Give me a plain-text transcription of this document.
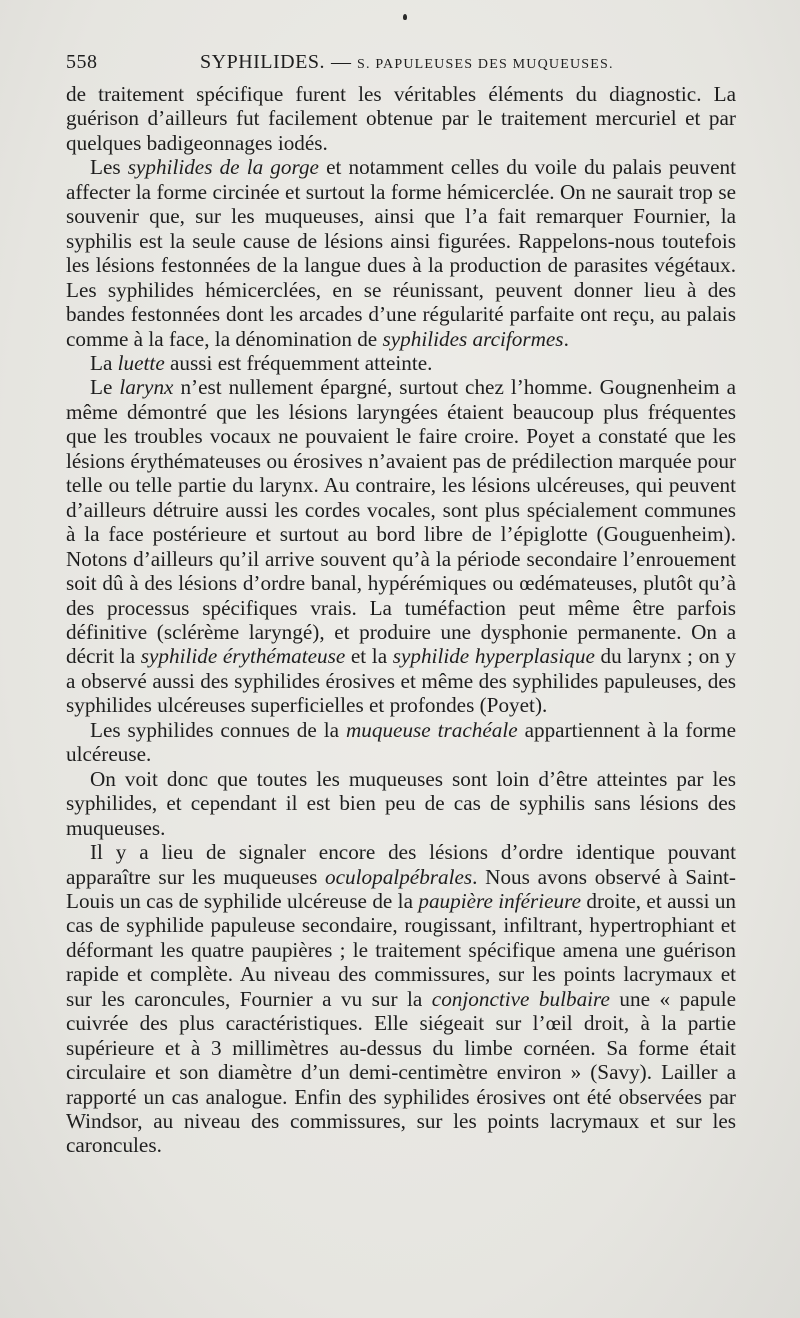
558	SYPHILIDES. — S. PAPULEUSES DES MUQUEUSES.

de traitement spécifique furent les véritables éléments du diagnostic. La guérison d’ailleurs fut facilement obtenue par le traitement mercuriel et par quelques badigeonnages iodés.

Les syphilides de la gorge et notamment celles du voile du palais peuvent affecter la forme circinée et surtout la forme hémicerclée. On ne saurait trop se souvenir que, sur les muqueuses, ainsi que l’a fait remarquer Fournier, la syphilis est la seule cause de lésions ainsi figurées. Rappelons-nous toutefois les lésions festonnées de la langue dues à la production de parasites végétaux. Les syphilides hémicerclées, en se réunissant, peuvent donner lieu à des bandes festonnées dont les arcades d’une régularité parfaite ont reçu, au palais comme à la face, la dénomination de syphilides arciformes.

La luette aussi est fréquemment atteinte.

Le larynx n’est nullement épargné, surtout chez l’homme. Gougnenheim a même démontré que les lésions laryngées étaient beaucoup plus fréquentes que les troubles vocaux ne pouvaient le faire croire. Poyet a constaté que les lésions érythémateuses ou érosives n’avaient pas de prédilection marquée pour telle ou telle partie du larynx. Au contraire, les lésions ulcéreuses, qui peuvent d’ailleurs détruire aussi les cordes vocales, sont plus spécialement communes à la face postérieure et surtout au bord libre de l’épiglotte (Gouguenheim). Notons d’ailleurs qu’il arrive souvent qu’à la période secondaire l’enrouement soit dû à des lésions d’ordre banal, hypérémiques ou œdémateuses, plutôt qu’à des processus spécifiques vrais. La tuméfaction peut même être parfois définitive (sclérème laryngé), et produire une dysphonie permanente. On a décrit la syphilide érythémateuse et la syphilide hyperplasique du larynx ; on y a observé aussi des syphilides érosives et même des syphilides papuleuses, des syphilides ulcéreuses superficielles et profondes (Poyet).

Les syphilides connues de la muqueuse trachéale appartiennent à la forme ulcéreuse.

On voit donc que toutes les muqueuses sont loin d’être atteintes par les syphilides, et cependant il est bien peu de cas de syphilis sans lésions des muqueuses.

Il y a lieu de signaler encore des lésions d’ordre identique pouvant apparaître sur les muqueuses oculopalpébrales. Nous avons observé à Saint-Louis un cas de syphilide ulcéreuse de la paupière inférieure droite, et aussi un cas de syphilide papuleuse secondaire, rougissant, infiltrant, hypertrophiant et déformant les quatre paupières ; le traitement spécifique amena une guérison rapide et complète. Au niveau des commissures, sur les points lacrymaux et sur les caroncules, Fournier a vu sur la conjonctive bulbaire une « papule cuivrée des plus caractéristiques. Elle siégeait sur l’œil droit, à la partie supérieure et à 3 millimètres au-dessus du limbe cornéen. Sa forme était circulaire et son diamètre d’un demi-centimètre environ » (Savy). Lailler a rapporté un cas analogue. Enfin des syphilides érosives ont été observées par Windsor, au niveau des commissures, sur les points lacrymaux et sur les caroncules.
